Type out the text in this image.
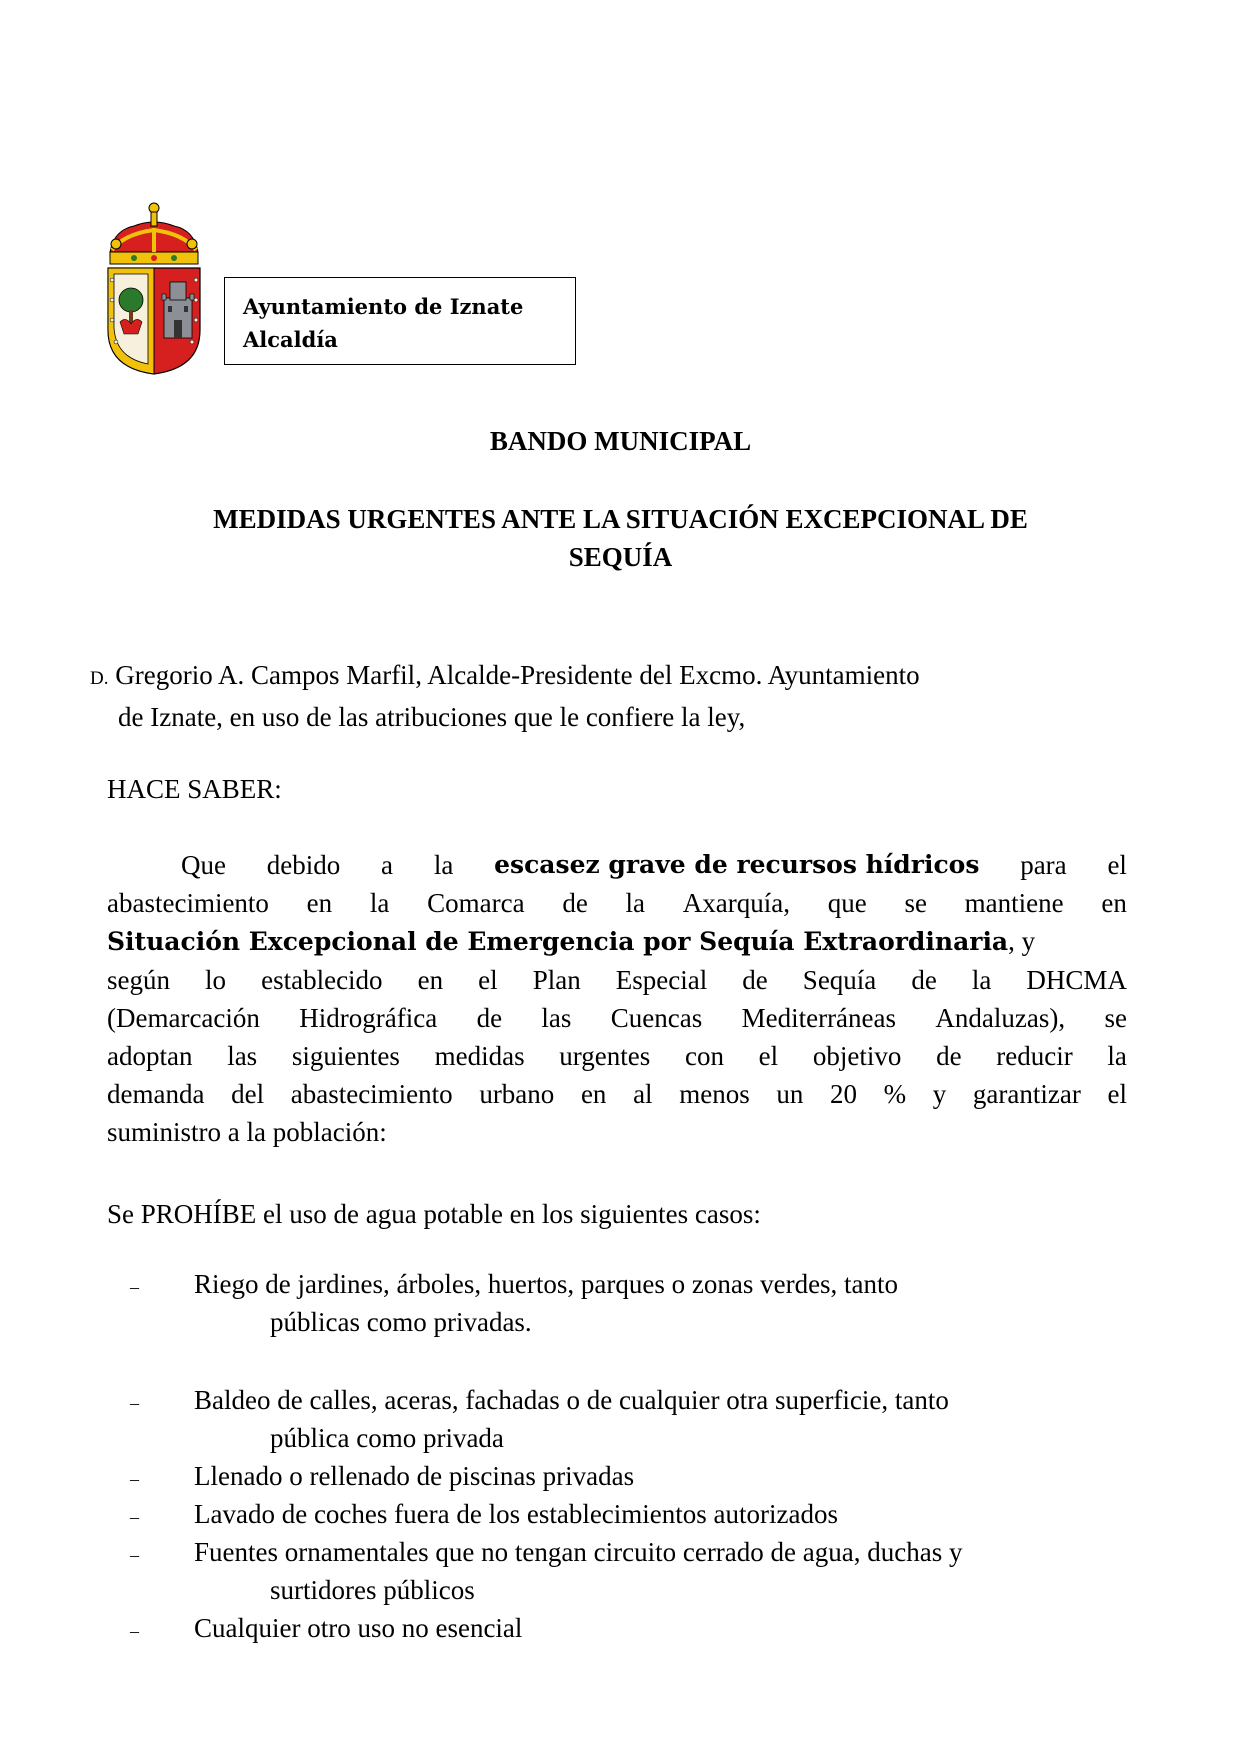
Ayuntamiento de Iznate
Alcaldía
BANDO MUNICIPAL
MEDIDAS URGENTES ANTE LA SITUACIÓN EXCEPCIONAL DE
SEQUÍA
D. Gregorio A. Campos Marfil, Alcalde-Presidente del Excmo. Ayuntamiento
de Iznate, en uso de las atribuciones que le confiere la ley,
HACE SABER:
Que debido a la escasez grave de recursos hídricos para el
abastecimiento en la Comarca de la Axarquía, que se mantiene en
Situación Excepcional de Emergencia por Sequía Extraordinaria, y
según lo establecido en el Plan Especial de Sequía de la DHCMA
(Demarcación Hidrográfica de las Cuencas Mediterráneas Andaluzas), se
adoptan las siguientes medidas urgentes con el objetivo de reducir la
demanda del abastecimiento urbano en al menos un 20 % y garantizar el
suministro a la población:
Se PROHÍBE el uso de agua potable en los siguientes casos:
– Riego de jardines, árboles, huertos, parques o zonas verdes, tanto
públicas como privadas.
– Baldeo de calles, aceras, fachadas o de cualquier otra superficie, tanto
pública como privada
– Llenado o rellenado de piscinas privadas
– Lavado de coches fuera de los establecimientos autorizados
– Fuentes ornamentales que no tengan circuito cerrado de agua, duchas y
surtidores públicos
– Cualquier otro uso no esencial
